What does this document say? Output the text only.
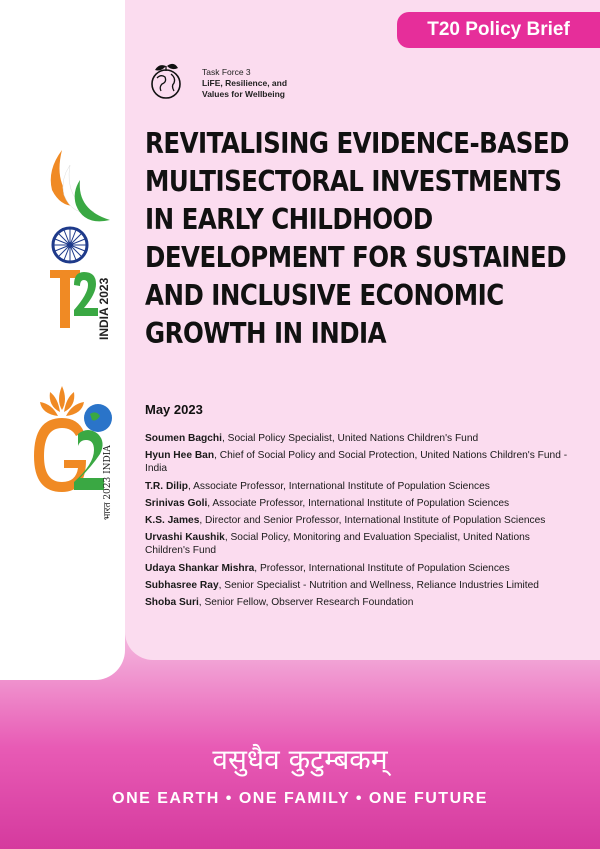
T20 Policy Brief
Task Force 3
LiFE, Resilience, and
Values for Wellbeing
REVITALISING EVIDENCE-BASED
MULTISECTORAL INVESTMENTS
IN EARLY CHILDHOOD
DEVELOPMENT FOR SUSTAINED
AND INCLUSIVE ECONOMIC
GROWTH IN INDIA
May 2023
Soumen Bagchi, Social Policy Specialist, United Nations Children's Fund
Hyun Hee Ban, Chief of Social Policy and Social Protection, United Nations Children's Fund - India
T.R. Dilip, Associate Professor, International Institute of Population Sciences
Srinivas Goli, Associate Professor, International Institute of Population Sciences
K.S. James, Director and Senior Professor, International Institute of Population Sciences
Urvashi Kaushik, Social Policy, Monitoring and Evaluation Specialist, United Nations Children's Fund
Udaya Shankar Mishra, Professor, International Institute of Population Sciences
Subhasree Ray, Senior Specialist - Nutrition and Wellness, Reliance Industries Limited
Shoba Suri, Senior Fellow, Observer Research Foundation
INDIA 2023
भारत 2023 INDIA
वसुधैव कुटुम्बकम्
ONE EARTH • ONE FAMILY • ONE FUTURE
